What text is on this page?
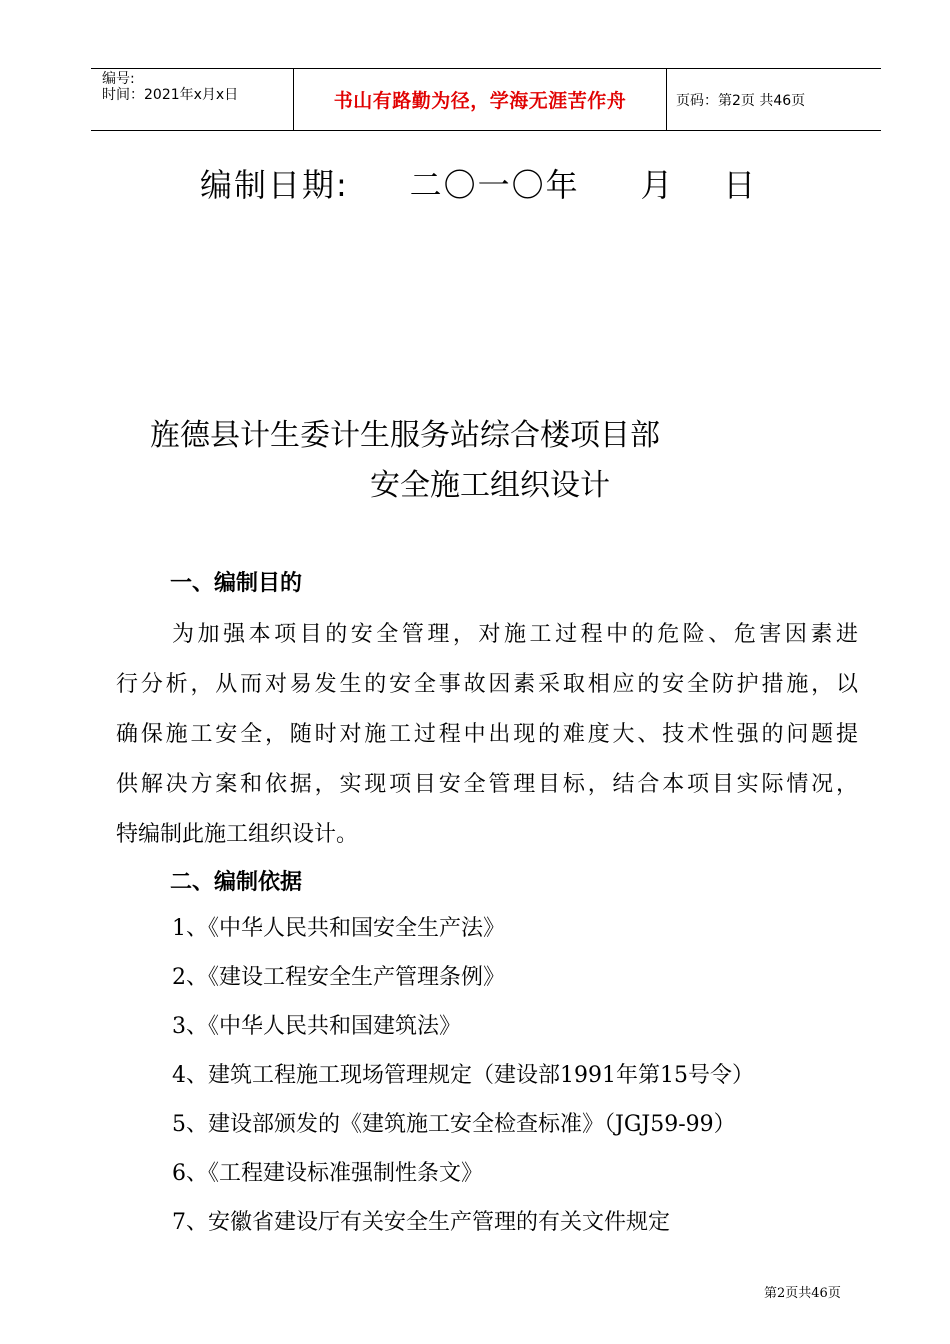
编号:
时间：2021年x月x日	书山有路勤为径，学海无涯苦作舟	页码：第2页 共46页
编制日期:     二〇一〇年     月    日
旌德县计生委计生服务站综合楼项目部
安全施工组织设计
一、编制目的
为加强本项目的安全管理，对施工过程中的危险、危害因素进
行分析，从而对易发生的安全事故因素采取相应的安全防护措施，以
确保施工安全，随时对施工过程中出现的难度大、技术性强的问题提
供解决方案和依据，实现项目安全管理目标，结合本项目实际情况，
特编制此施工组织设计。
二、编制依据
1、《中华人民共和国安全生产法》
2、《建设工程安全生产管理条例》
3、《中华人民共和国建筑法》
4、建筑工程施工现场管理规定（建设部1991年第15号令）
5、建设部颁发的《建筑施工安全检查标准》（JGJ59-99）
6、《工程建设标准强制性条文》
7、安徽省建设厅有关安全生产管理的有关文件规定
第2页共46页
